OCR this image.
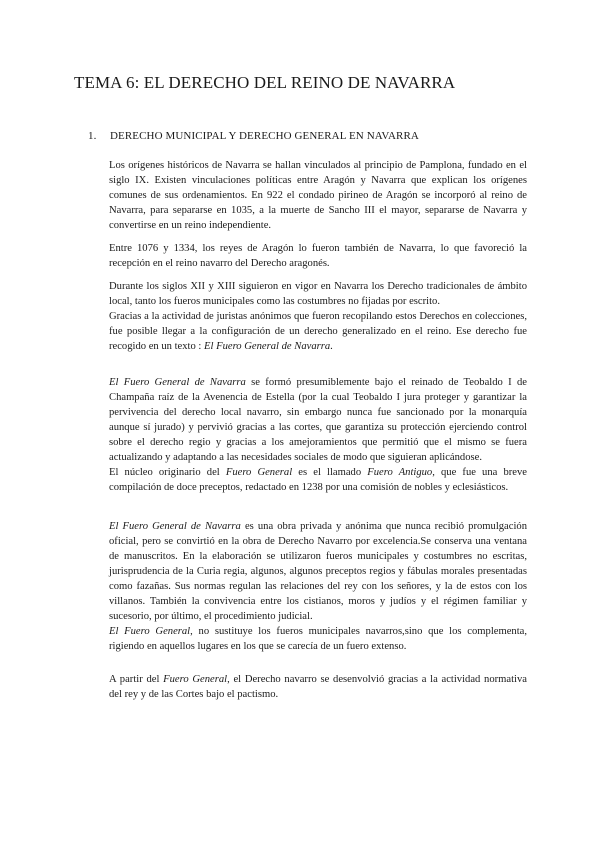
TEMA 6: EL DERECHO DEL REINO DE NAVARRA
1. DERECHO MUNICIPAL Y DERECHO GENERAL EN NAVARRA

Los orígenes históricos de Navarra se hallan vinculados al principio de Pamplona, fundado en el siglo IX. Existen vinculaciones políticas entre Aragón y Navarra que explican los orígenes comunes de sus ordenamientos. En 922 el condado pirineo de Aragón se incorporó al reino de Navarra, para separarse en 1035, a la muerte de Sancho III el mayor, separarse de Navarra y convertirse en un reino independiente.

Entre 1076 y 1334, los reyes de Aragón lo fueron también de Navarra, lo que favoreció la recepción en el reino navarro del Derecho aragonés.

Durante los siglos XII y XIII siguieron en vigor en Navarra los Derecho tradicionales de ámbito local, tanto los fueros municipales como las costumbres no fijadas por escrito.

Gracias a la actividad de juristas anónimos que fueron recopilando estos Derechos en colecciones, fue posible llegar a la configuración de un derecho generalizado en el reino. Ese derecho fue recogido en un texto : El Fuero General de Navarra.

El Fuero General de Navarra se formó presumiblemente bajo el reinado de Teobaldo I de Champaña raíz de la Avenencia de Estella (por la cual Teobaldo I jura proteger y garantizar la pervivencia del derecho local navarro, sin embargo nunca fue sancionado por la monarquía aunque sí jurado) y pervivió gracias a las cortes, que garantiza su protección ejerciendo control sobre el derecho regio y gracias a los amejoramientos que permitió que el mismo se fuera actualizando y adaptando a las necesidades sociales de modo que siguieran aplicándose.

El núcleo originario del Fuero General es el llamado Fuero Antiguo, que fue una breve compilación de doce preceptos, redactado en 1238 por una comisión de nobles y eclesiásticos.

El Fuero General de Navarra es una obra privada y anónima que nunca recibió promulgación oficial, pero se convirtió en la obra de Derecho Navarro por excelencia.Se conserva una ventana de manuscritos. En la elaboración se utilizaron fueros municipales y costumbres no escritas, jurisprudencia de la Curia regia, algunos, algunos preceptos regios y fábulas morales presentadas como fazañas. Sus normas regulan las relaciones del rey con los señores, y la de estos con los villanos. También la convivencia entre los cistianos, moros y judíos y el régimen familiar y sucesorio, por último, el procedimiento judicial.

El Fuero General, no sustituye los fueros municipales navarros,sino que los complementa, rigiendo en aquellos lugares en los que se carecía de un fuero extenso.

A partir del Fuero General, el Derecho navarro se desenvolvió gracias a la actividad normativa del rey y de las Cortes bajo el pactismo.
